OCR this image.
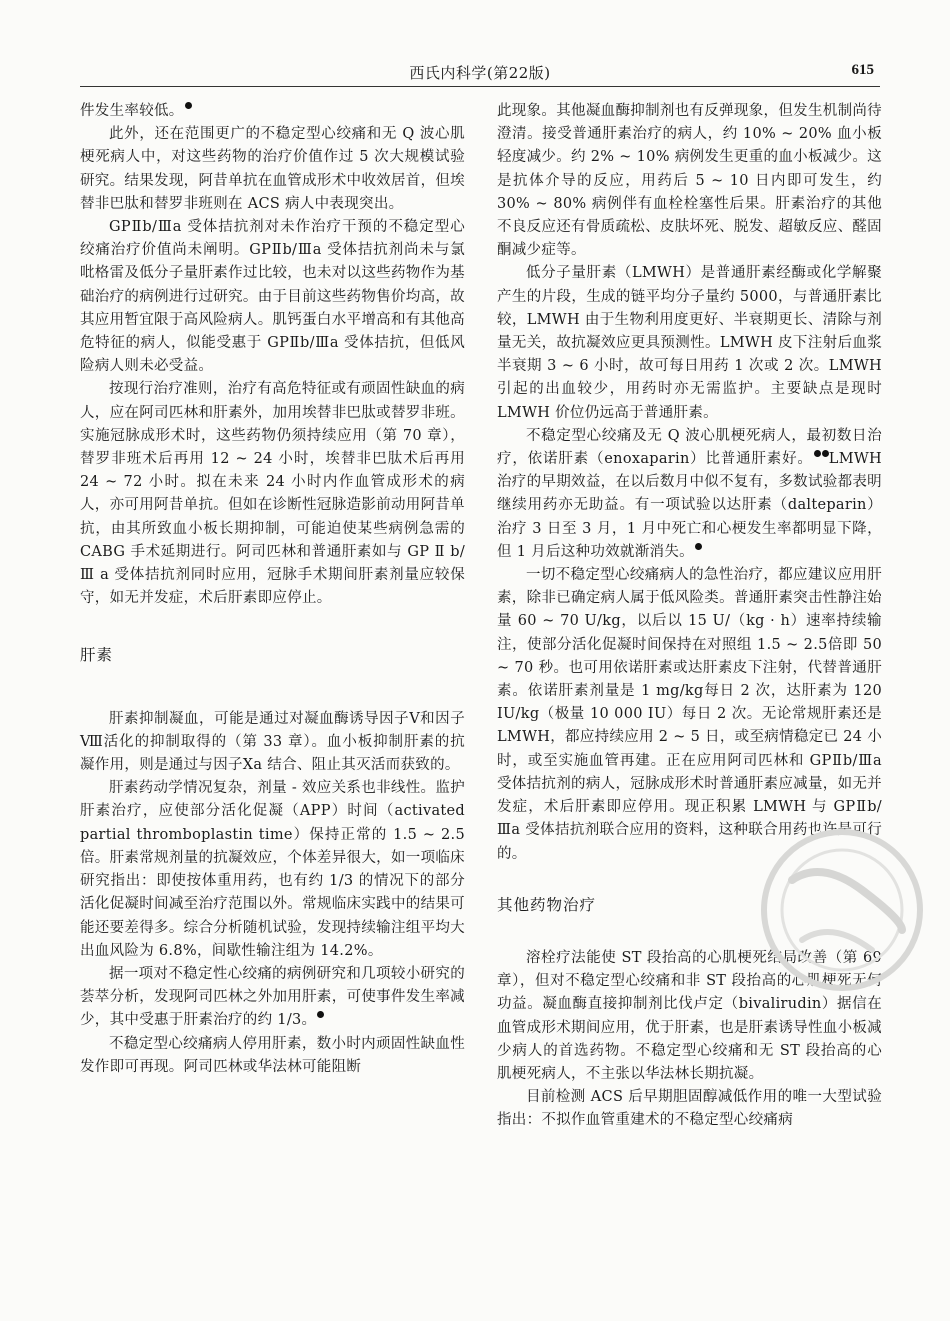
西氏内科学(第22版)	615

件发生率较低。

此外，还在范围更广的不稳定型心绞痛和无 Q 波心肌梗死病人中，对这些药物的治疗价值作过 5 次大规模试验研究。结果发现，阿昔单抗在血管成形术中收效居首，但埃替非巴肽和替罗非班则在 ACS 病人中表现突出。

GPⅡb/Ⅲa 受体拮抗剂对未作治疗干预的不稳定型心绞痛治疗价值尚未阐明。GPⅡb/Ⅲa 受体拮抗剂尚未与氯吡格雷及低分子量肝素作过比较，也未对以这些药物作为基础治疗的病例进行过研究。由于目前这些药物售价均高，故其应用暂宜限于高风险病人。肌钙蛋白水平增高和有其他高危特征的病人，似能受惠于 GPⅡb/Ⅲa 受体拮抗，但低风险病人则未必受益。

按现行治疗准则，治疗有高危特征或有顽固性缺血的病人，应在阿司匹林和肝素外，加用埃替非巴肽或替罗非班。实施冠脉成形术时，这些药物仍须持续应用（第 70 章），替罗非班术后再用 12 ~ 24 小时，埃替非巴肽术后再用 24 ~ 72 小时。拟在未来 24 小时内作血管成形术的病人，亦可用阿昔单抗。但如在诊断性冠脉造影前动用阿昔单抗，由其所致血小板长期抑制，可能迫使某些病例急需的 CABG 手术延期进行。阿司匹林和普通肝素如与 GP Ⅱ b/Ⅲ a 受体拮抗剂同时应用，冠脉手术期间肝素剂量应较保守，如无并发症，术后肝素即应停止。

肝素

肝素抑制凝血，可能是通过对凝血酶诱导因子Ⅴ和因子Ⅷ活化的抑制取得的（第 33 章）。血小板抑制肝素的抗凝作用，则是通过与因子Ⅹa 结合、阻止其灭活而获致的。

肝素药动学情况复杂，剂量 - 效应关系也非线性。监护肝素治疗，应使部分活化促凝（APP）时间（activated partial thromboplastin time）保持正常的 1.5 ~ 2.5倍。肝素常规剂量的抗凝效应，个体差异很大，如一项临床研究指出：即使按体重用药，也有约 1/3 的情况下的部分活化促凝时间减至治疗范围以外。常规临床实践中的结果可能还要差得多。综合分析随机试验，发现持续输注组平均大出血风险为 6.8%，间歇性输注组为 14.2%。

据一项对不稳定性心绞痛的病例研究和几项较小研究的荟萃分析，发现阿司匹林之外加用肝素，可使事件发生率减少，其中受惠于肝素治疗的约 1/3。

不稳定型心绞痛病人停用肝素，数小时内顽固性缺血性发作即可再现。阿司匹林或华法林可能阻断

此现象。其他凝血酶抑制剂也有反弹现象，但发生机制尚待澄清。接受普通肝素治疗的病人，约 10% ~ 20% 血小板轻度减少。约 2% ~ 10% 病例发生更重的血小板减少。这是抗体介导的反应，用药后 5 ~ 10 日内即可发生，约 30% ~ 80% 病例伴有血栓栓塞性后果。肝素治疗的其他不良反应还有骨质疏松、皮肤坏死、脱发、超敏反应、醛固酮减少症等。

低分子量肝素（LMWH）是普通肝素经酶或化学解聚产生的片段，生成的链平均分子量约 5000，与普通肝素比较，LMWH 由于生物利用度更好、半衰期更长、清除与剂量无关，故抗凝效应更具预测性。LMWH 皮下注射后血浆半衰期 3 ~ 6 小时，故可每日用药 1 次或 2 次。LMWH 引起的出血较少，用药时亦无需监护。主要缺点是现时 LMWH 价位仍远高于普通肝素。

不稳定型心绞痛及无 Q 波心肌梗死病人，最初数日治疗，依诺肝素（enoxaparin）比普通肝素好。 LMWH 治疗的早期效益，在以后数月中似不复有，多数试验都表明继续用药亦无助益。有一项试验以达肝素（dalteparin）治疗 3 日至 3 月，1 月中死亡和心梗发生率都明显下降，但 1 月后这种功效就渐消失。

一切不稳定型心绞痛病人的急性治疗，都应建议应用肝素，除非已确定病人属于低风险类。普通肝素突击性静注始量 60 ~ 70 U/kg，以后以 15 U/（kg · h）速率持续输注，使部分活化促凝时间保持在对照组 1.5 ~ 2.5倍即 50 ~ 70 秒。也可用依诺肝素或达肝素皮下注射，代替普通肝素。依诺肝素剂量是 1 mg/kg每日 2 次，达肝素为 120 IU/kg（极量 10 000 IU）每日 2 次。无论常规肝素还是 LMWH，都应持续应用 2 ~ 5 日，或至病情稳定已 24 小时，或至实施血管再建。正在应用阿司匹林和 GPⅡb/Ⅲa 受体拮抗剂的病人，冠脉成形术时普通肝素应减量，如无并发症，术后肝素即应停用。现正积累 LMWH 与 GPⅡb/Ⅲa 受体拮抗剂联合应用的资料，这种联合用药也许是可行的。

其他药物治疗

溶栓疗法能使 ST 段抬高的心肌梗死结局改善（第 69 章），但对不稳定型心绞痛和非 ST 段抬高的心肌梗死无何功益。凝血酶直接抑制剂比伐卢定（bivalirudin）据信在血管成形术期间应用，优于肝素，也是肝素诱导性血小板减少病人的首选药物。不稳定型心绞痛和无 ST 段抬高的心肌梗死病人，不主张以华法林长期抗凝。

目前检测 ACS 后早期胆固醇减低作用的唯一大型试验指出：不拟作血管重建术的不稳定型心绞痛病
